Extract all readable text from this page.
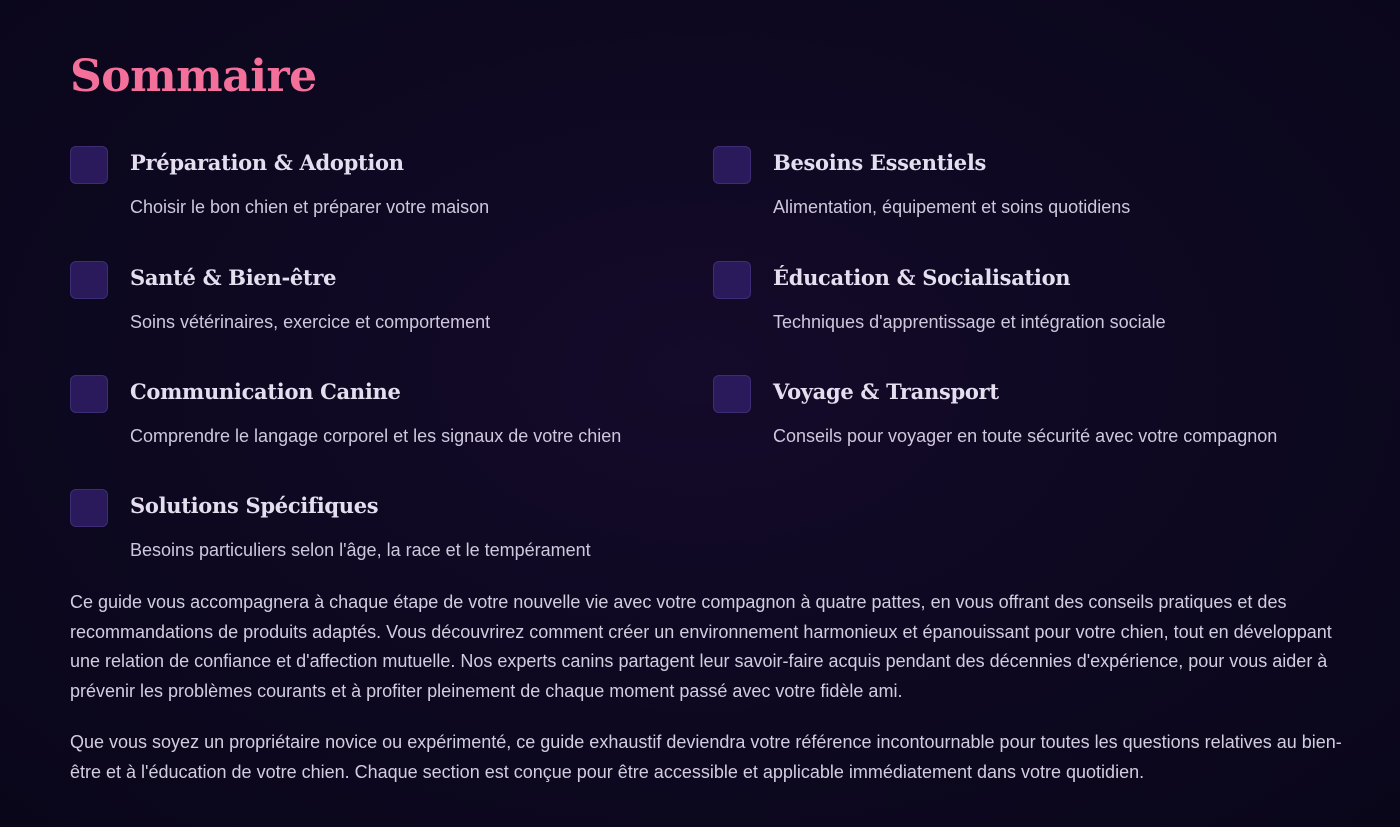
Sommaire
Préparation & Adoption
Choisir le bon chien et préparer votre maison
Besoins Essentiels
Alimentation, équipement et soins quotidiens
Santé & Bien-être
Soins vétérinaires, exercice et comportement
Éducation & Socialisation
Techniques d'apprentissage et intégration sociale
Communication Canine
Comprendre le langage corporel et les signaux de votre chien
Voyage & Transport
Conseils pour voyager en toute sécurité avec votre compagnon
Solutions Spécifiques
Besoins particuliers selon l'âge, la race et le tempérament

Ce guide vous accompagnera à chaque étape de votre nouvelle vie avec votre compagnon à quatre pattes, en vous offrant des conseils pratiques et des recommandations de produits adaptés. Vous découvrirez comment créer un environnement harmonieux et épanouissant pour votre chien, tout en développant une relation de confiance et d'affection mutuelle. Nos experts canins partagent leur savoir-faire acquis pendant des décennies d'expérience, pour vous aider à prévenir les problèmes courants et à profiter pleinement de chaque moment passé avec votre fidèle ami.

Que vous soyez un propriétaire novice ou expérimenté, ce guide exhaustif deviendra votre référence incontournable pour toutes les questions relatives au bien-être et à l'éducation de votre chien. Chaque section est conçue pour être accessible et applicable immédiatement dans votre quotidien.
